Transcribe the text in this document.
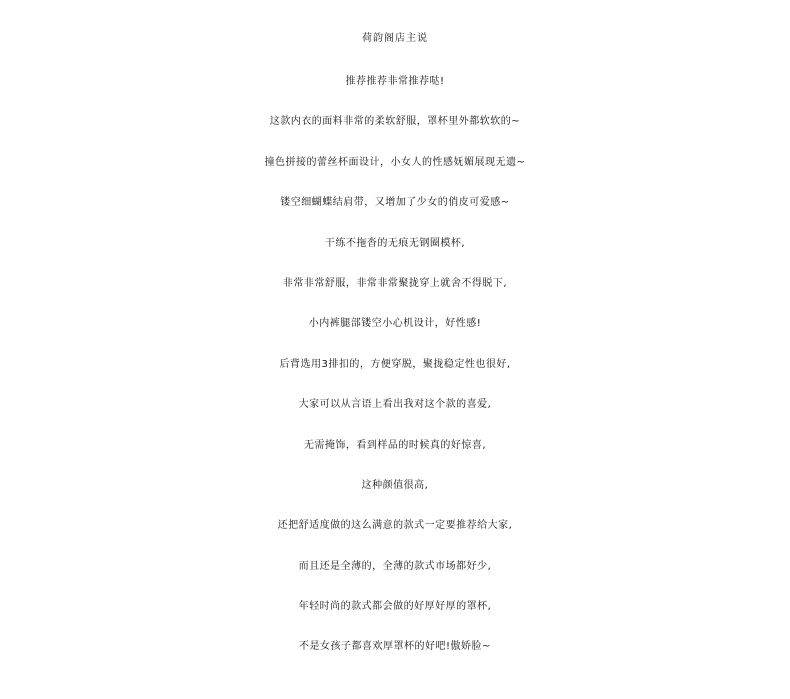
荷韵阁店主说
推荐推荐非常推荐哒!
这款内衣的面料非常的柔软舒服，罩杯里外都软软的~
撞色拼接的蕾丝杯面设计，小女人的性感妩媚展现无遗~
镂空细蝴蝶结肩带，又增加了少女的俏皮可爱感~
干练不拖沓的无痕无钢圈模杯,
非常非常舒服，非常非常聚拢穿上就舍不得脱下,
小内裤腿部镂空小心机设计，好性感!
后背选用3排扣的，方便穿脱，聚拢稳定性也很好,
大家可以从言语上看出我对这个款的喜爱,
无需掩饰，看到样品的时候真的好惊喜,
这种颜值很高,
还把舒适度做的这么满意的款式一定要推荐给大家,
而且还是全薄的，全薄的款式市场都好少,
年轻时尚的款式都会做的好厚好厚的罩杯,
不是女孩子都喜欢厚罩杯的好吧!傲娇脸~
